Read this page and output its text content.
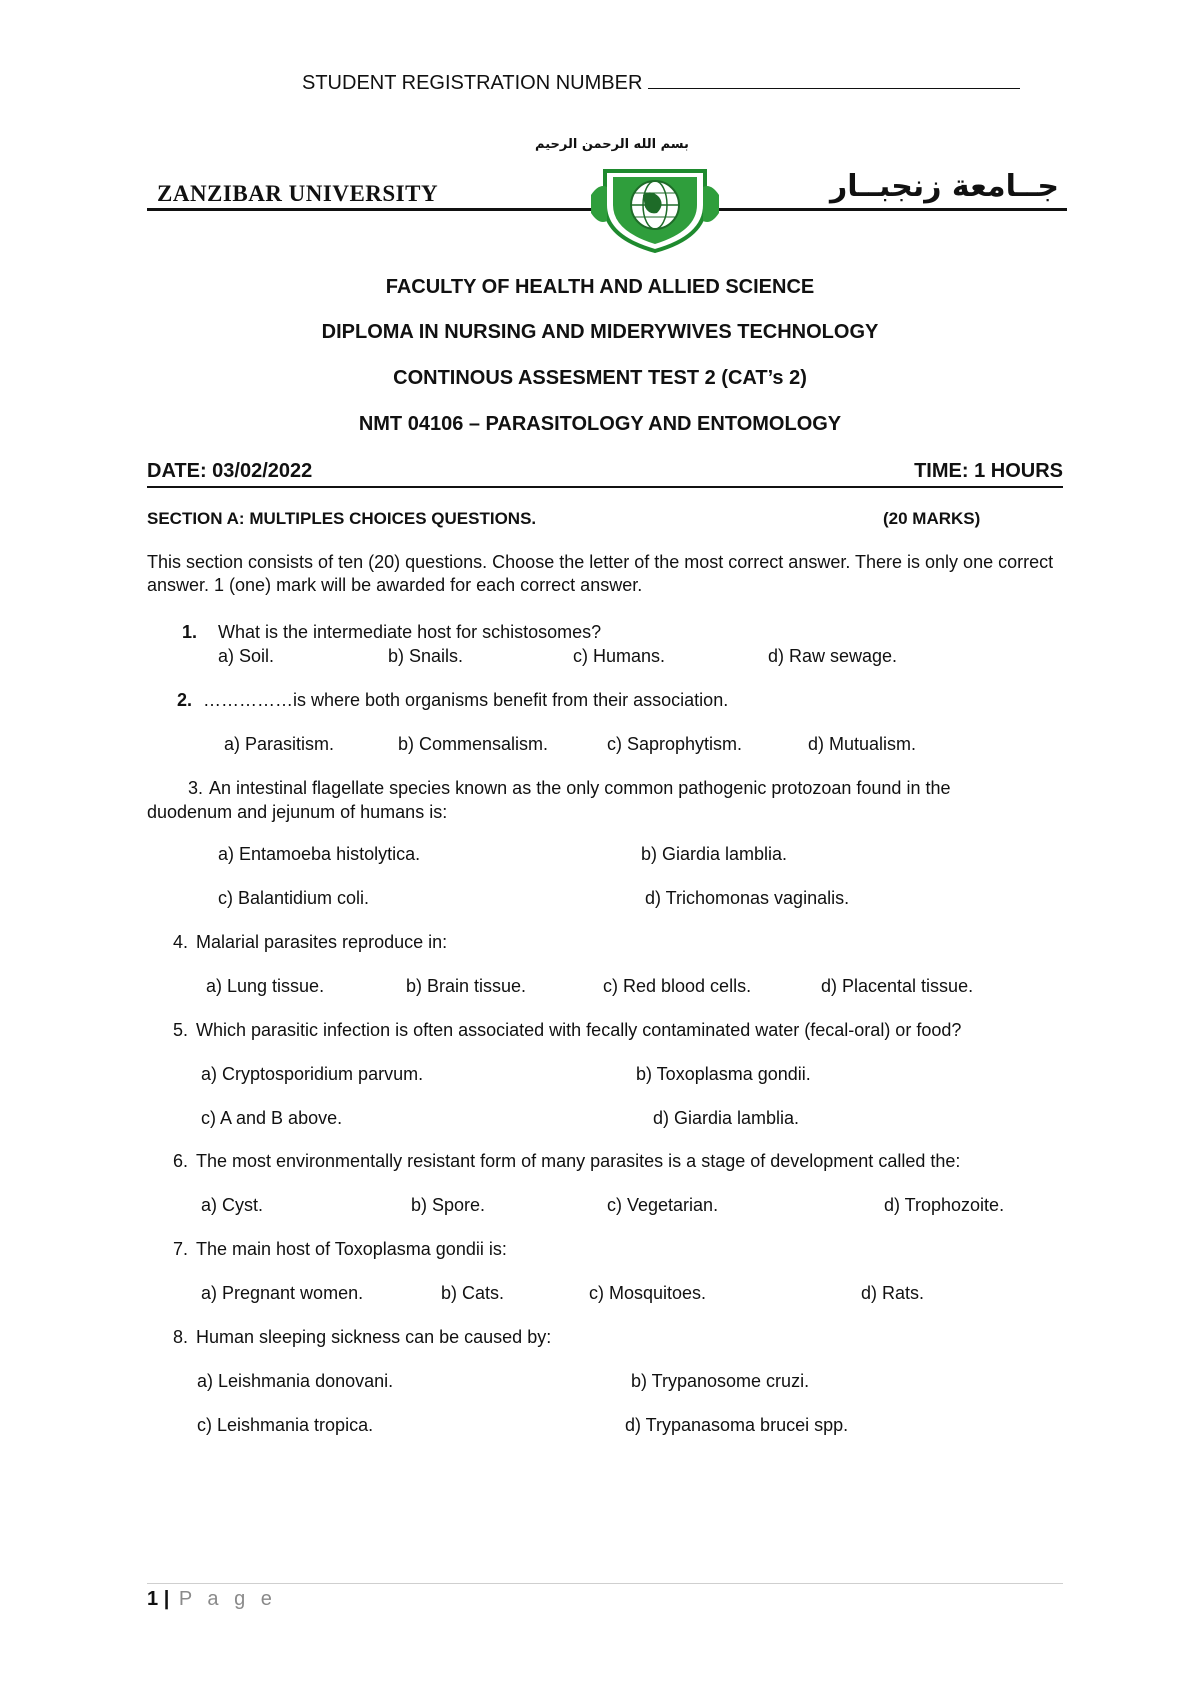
STUDENT REGISTRATION NUMBER
بسم الله الرحمن الرحيم
ZANZIBAR UNIVERSITY	جــامعة زنجبــار
FACULTY OF HEALTH AND ALLIED SCIENCE
DIPLOMA IN NURSING AND MIDERYWIVES TECHNOLOGY
CONTINOUS ASSESMENT TEST 2 (CAT’s 2)
NMT 04106 – PARASITOLOGY AND ENTOMOLOGY
DATE: 03/02/2022	TIME: 1 HOURS
SECTION A: MULTIPLES CHOICES QUESTIONS.	(20 MARKS)
This section consists of ten (20) questions. Choose the letter of the most correct answer. There is only one correct answer. 1 (one) mark will be awarded for each correct answer.
1. What is the intermediate host for schistosomes?
a) Soil.	b) Snails.	c) Humans.	d) Raw sewage.
2. ……………is where both organisms benefit from their association.
a) Parasitism.	b) Commensalism.	c) Saprophytism.	d) Mutualism.
3. An intestinal flagellate species known as the only common pathogenic protozoan found in the
duodenum and jejunum of humans is:
a) Entamoeba histolytica.	b) Giardia lamblia.
c) Balantidium coli.	d) Trichomonas vaginalis.
4. Malarial parasites reproduce in:
a) Lung tissue.	b) Brain tissue.	c) Red blood cells.	d) Placental tissue.
5. Which parasitic infection is often associated with fecally contaminated water (fecal-oral) or food?
a) Cryptosporidium parvum.	b) Toxoplasma gondii.
c) A and B above.	d) Giardia lamblia.
6. The most environmentally resistant form of many parasites is a stage of development called the:
a) Cyst.	b) Spore.	c) Vegetarian.	d) Trophozoite.
7. The main host of Toxoplasma gondii is:
a) Pregnant women.	b) Cats.	c) Mosquitoes.	d) Rats.
8. Human sleeping sickness can be caused by:
a) Leishmania donovani.	b) Trypanosome cruzi.
c) Leishmania tropica.	d) Trypanasoma brucei spp.
1 | P a g e
